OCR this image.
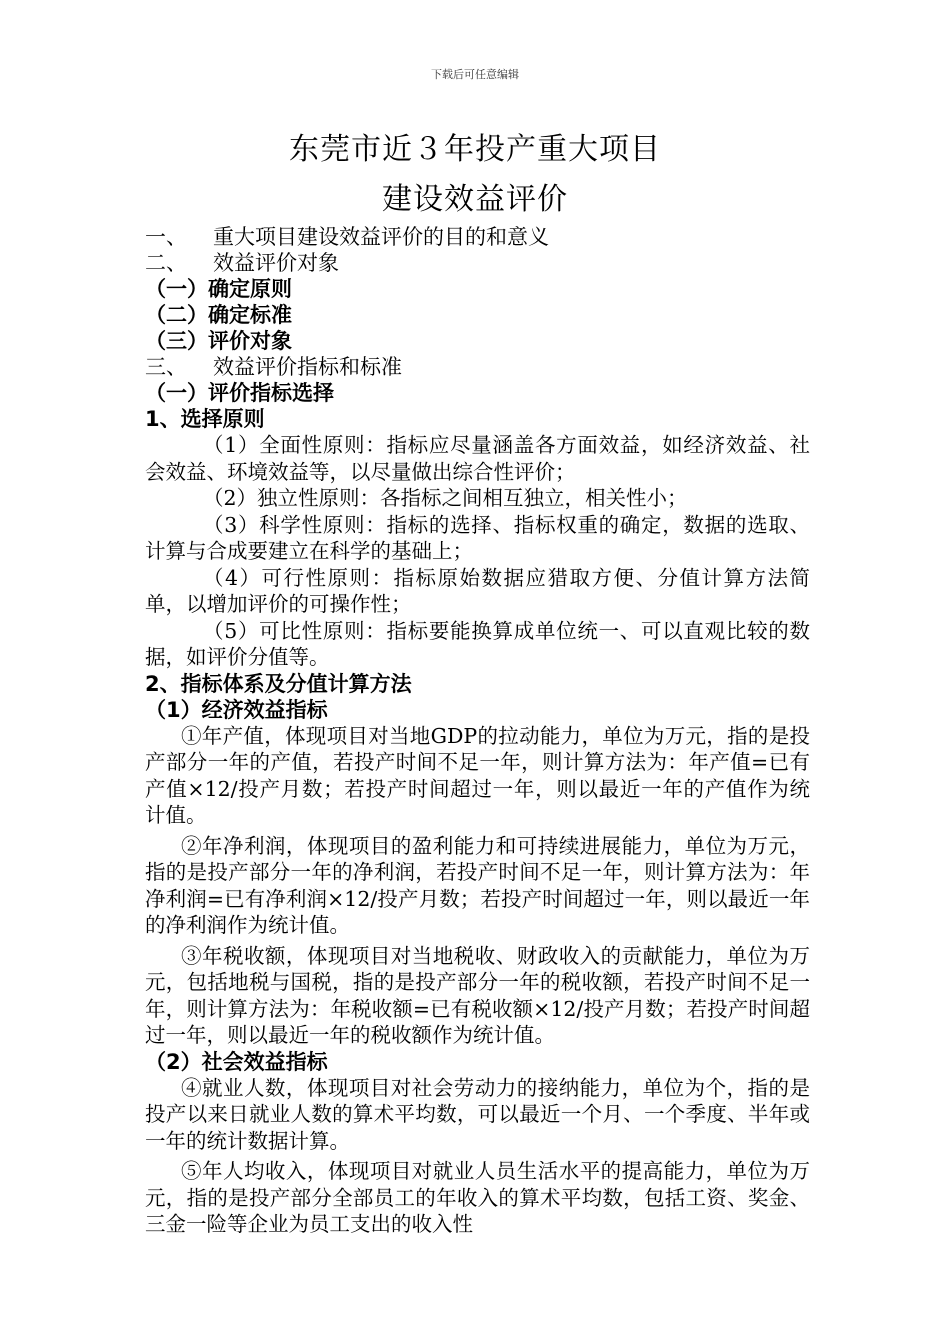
下载后可任意编辑
东莞市近３年投产重大项目
建设效益评价
一、 重大项目建设效益评价的目的和意义
二、 效益评价对象
（一）确定原则
（二）确定标准
（三）评价对象
三、 效益评价指标和标准
（一）评价指标选择
1、选择原则

（1）全面性原则：指标应尽量涵盖各方面效益，如经济效益、社会效益、环境效益等，以尽量做出综合性评价；

（2）独立性原则：各指标之间相互独立，相关性小；

（3）科学性原则：指标的选择、指标权重的确定，数据的选取、计算与合成要建立在科学的基础上；

（4）可行性原则：指标原始数据应猎取方便、分值计算方法简单，以增加评价的可操作性；

（5）可比性原则：指标要能换算成单位统一、可以直观比较的数据，如评价分值等。

2、指标体系及分值计算方法
（1）经济效益指标

①年产值，体现项目对当地GDP的拉动能力，单位为万元，指的是投产部分一年的产值，若投产时间不足一年，则计算方法为：年产值=已有产值×12/投产月数；若投产时间超过一年，则以最近一年的产值作为统计值。

②年净利润，体现项目的盈利能力和可持续进展能力，单位为万元，指的是投产部分一年的净利润，若投产时间不足一年，则计算方法为：年净利润=已有净利润×12/投产月数；若投产时间超过一年，则以最近一年的净利润作为统计值。

③年税收额，体现项目对当地税收、财政收入的贡献能力，单位为万元，包括地税与国税，指的是投产部分一年的税收额，若投产时间不足一年，则计算方法为：年税收额=已有税收额×12/投产月数；若投产时间超过一年，则以最近一年的税收额作为统计值。

（2）社会效益指标

④就业人数，体现项目对社会劳动力的接纳能力，单位为个，指的是投产以来日就业人数的算术平均数，可以最近一个月、一个季度、半年或一年的统计数据计算。

⑤年人均收入，体现项目对就业人员生活水平的提高能力，单位为万元，指的是投产部分全部员工的年收入的算术平均数，包括工资、奖金、三金一险等企业为员工支出的收入性
